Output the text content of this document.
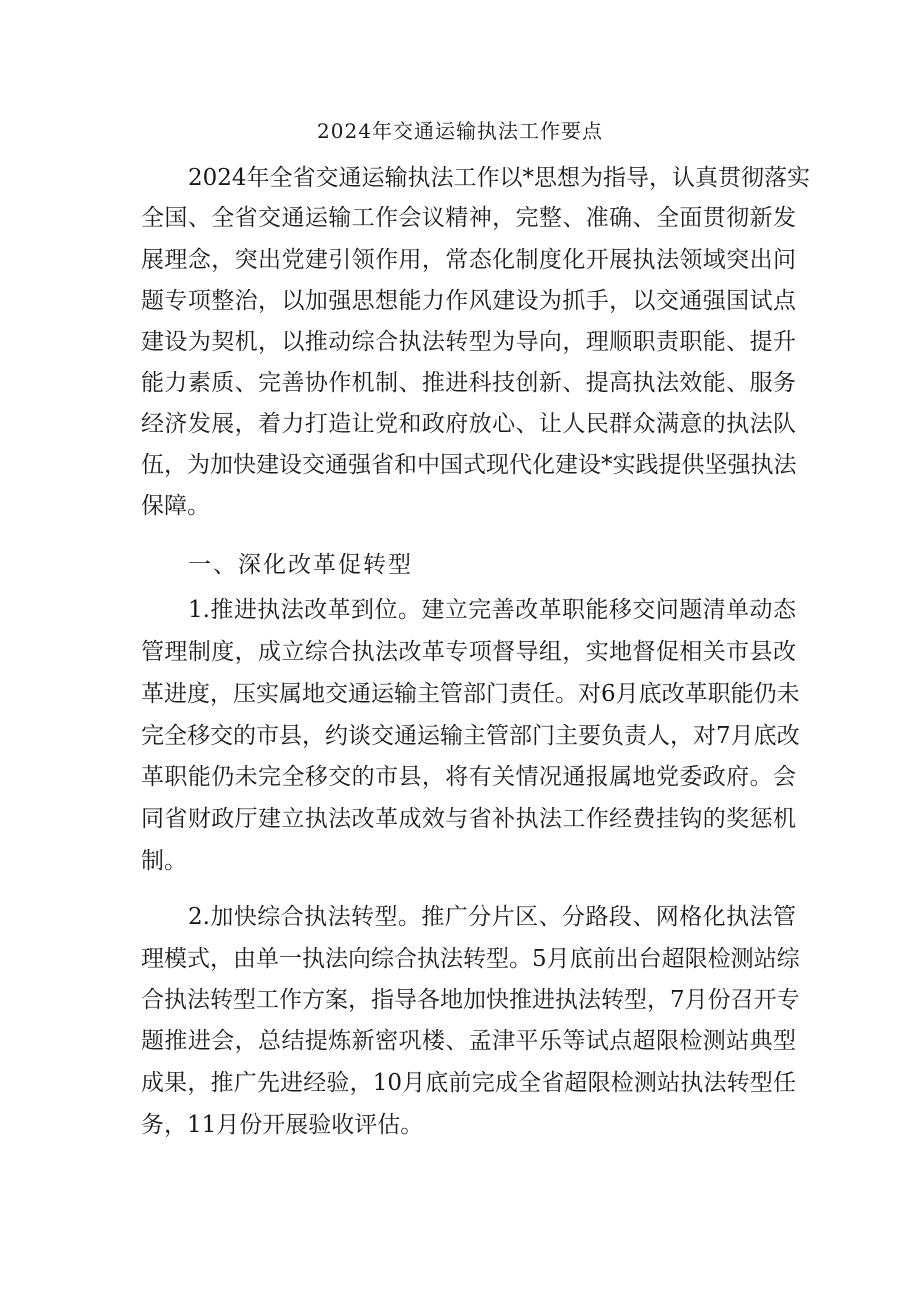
2024年交通运输执法工作要点
2024年全省交通运输执法工作以*思想为指导，认真贯彻落实
全国、全省交通运输工作会议精神，完整、准确、全面贯彻新发
展理念，突出党建引领作用，常态化制度化开展执法领域突出问
题专项整治，以加强思想能力作风建设为抓手，以交通强国试点
建设为契机，以推动综合执法转型为导向，理顺职责职能、提升
能力素质、完善协作机制、推进科技创新、提高执法效能、服务
经济发展，着力打造让党和政府放心、让人民群众满意的执法队
伍，为加快建设交通强省和中国式现代化建设*实践提供坚强执法
保障。
一、深化改革促转型
1.推进执法改革到位。建立完善改革职能移交问题清单动态
管理制度，成立综合执法改革专项督导组，实地督促相关市县改
革进度，压实属地交通运输主管部门责任。对6月底改革职能仍未
完全移交的市县，约谈交通运输主管部门主要负责人，对7月底改
革职能仍未完全移交的市县，将有关情况通报属地党委政府。会
同省财政厅建立执法改革成效与省补执法工作经费挂钩的奖惩机
制。
2.加快综合执法转型。推广分片区、分路段、网格化执法管
理模式，由单一执法向综合执法转型。5月底前出台超限检测站综
合执法转型工作方案，指导各地加快推进执法转型，7月份召开专
题推进会，总结提炼新密巩楼、孟津平乐等试点超限检测站典型
成果，推广先进经验，10月底前完成全省超限检测站执法转型任
务，11月份开展验收评估。
